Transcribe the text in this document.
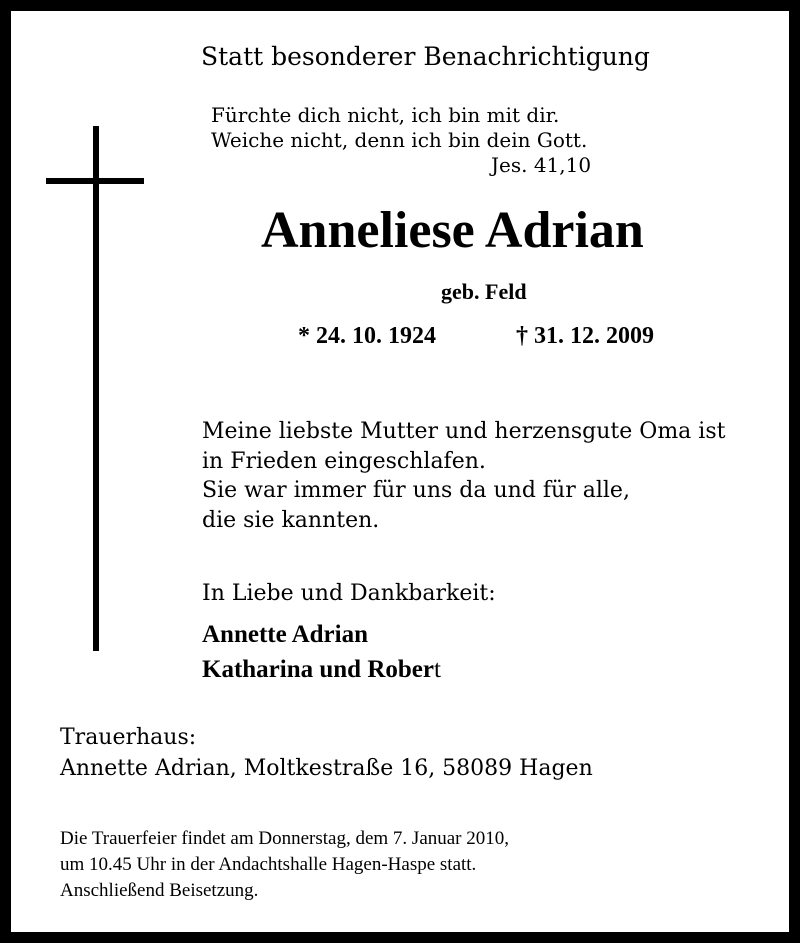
Statt besonderer Benachrichtigung
Fürchte dich nicht, ich bin mit dir.
Weiche nicht, denn ich bin dein Gott.
Jes. 41,10
Anneliese Adrian
geb. Feld
* 24. 10. 1924	† 31. 12. 2009
Meine liebste Mutter und herzensgute Oma ist
in Frieden eingeschlafen.
Sie war immer für uns da und für alle,
die sie kannten.
In Liebe und Dankbarkeit:
Annette Adrian
Katharina und Robert
Trauerhaus:
Annette Adrian, Moltkestraße 16, 58089 Hagen
Die Trauerfeier findet am Donnerstag, dem 7. Januar 2010,
um 10.45 Uhr in der Andachtshalle Hagen-Haspe statt.
Anschließend Beisetzung.
